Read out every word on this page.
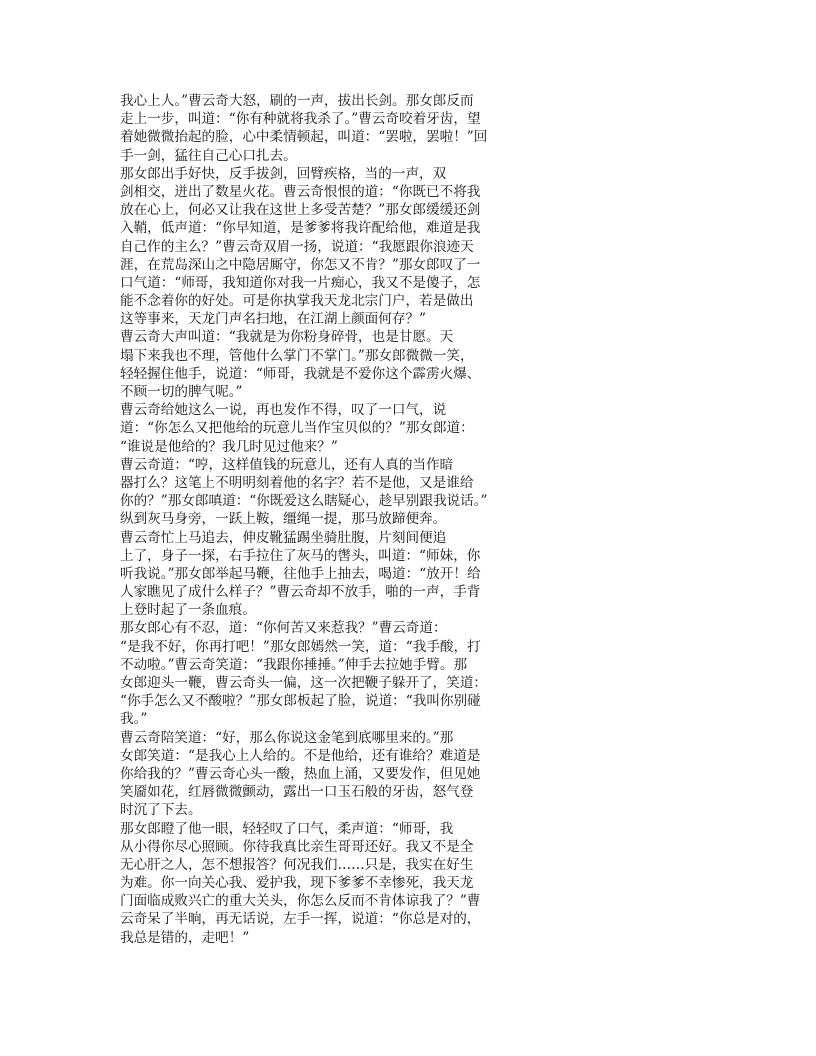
我心上人。”曹云奇大怒，刷的一声，拔出长剑。那女郎反而
走上一步，叫道：“你有种就将我杀了。”曹云奇咬着牙齿，望
着她微微抬起的脸，心中柔情顿起，叫道：“罢啦，罢啦！”回
手一剑，猛往自己心口扎去。
那女郎出手好快，反手拔剑，回臂疾格，当的一声，双
剑相交，迸出了数星火花。曹云奇恨恨的道：“你既已不将我
放在心上，何必又让我在这世上多受苦楚？”那女郎缓缓还剑
入鞘，低声道：“你早知道，是爹爹将我许配给他，难道是我
自己作的主么？”曹云奇双眉一扬，说道：“我愿跟你浪迹天
涯，在荒岛深山之中隐居厮守，你怎又不肯？”那女郎叹了一
口气道：“师哥，我知道你对我一片痴心，我又不是傻子，怎
能不念着你的好处。可是你执掌我天龙北宗门户，若是做出
这等事来，天龙门声名扫地，在江湖上颜面何存？”
曹云奇大声叫道：“我就是为你粉身碎骨，也是甘愿。天
塌下来我也不理，管他什么掌门不掌门。”那女郎微微一笑，
轻轻握住他手，说道：“师哥，我就是不爱你这个霹雳火爆、
不顾一切的脾气呢。”
曹云奇给她这么一说，再也发作不得，叹了一口气，说
道：“你怎么又把他给的玩意儿当作宝贝似的？”那女郎道：
“谁说是他给的？我几时见过他来？”
曹云奇道：“哼，这样值钱的玩意儿，还有人真的当作暗
器打么？这笔上不明明刻着他的名字？若不是他，又是谁给
你的？”那女郎嗔道：“你既爱这么瞎疑心，趁早别跟我说话。”
纵到灰马身旁，一跃上鞍，缰绳一提，那马放蹄便奔。
曹云奇忙上马追去，伸皮靴猛踢坐骑肚腹，片刻间便追
上了，身子一探，右手拉住了灰马的辔头，叫道：“师妹，你
听我说。”那女郎举起马鞭，往他手上抽去，喝道：“放开！给
人家瞧见了成什么样子？”曹云奇却不放手，啪的一声，手背
上登时起了一条血痕。
那女郎心有不忍，道：“你何苦又来惹我？”曹云奇道：
“是我不好，你再打吧！”那女郎嫣然一笑，道：“我手酸，打
不动啦。”曹云奇笑道：“我跟你捶捶。”伸手去拉她手臂。那
女郎迎头一鞭，曹云奇头一偏，这一次把鞭子躲开了，笑道：
“你手怎么又不酸啦？”那女郎板起了脸，说道：“我叫你别碰
我。”
曹云奇陪笑道：“好，那么你说这金笔到底哪里来的。”那
女郎笑道：“是我心上人给的。不是他给，还有谁给？难道是
你给我的？”曹云奇心头一酸，热血上涌，又要发作，但见她
笑靥如花，红唇微微颤动，露出一口玉石般的牙齿，怒气登
时沉了下去。
那女郎瞪了他一眼，轻轻叹了口气，柔声道：“师哥，我
从小得你尽心照顾。你待我真比亲生哥哥还好。我又不是全
无心肝之人，怎不想报答？何况我们……只是，我实在好生
为难。你一向关心我、爱护我，现下爹爹不幸惨死，我天龙
门面临成败兴亡的重大关头，你怎么反而不肯体谅我了？”曹
云奇呆了半晌，再无话说，左手一挥，说道：“你总是对的，
我总是错的，走吧！”
